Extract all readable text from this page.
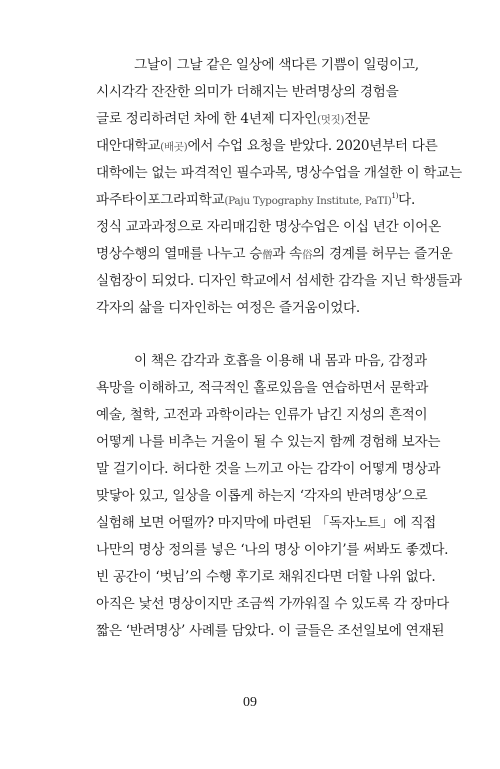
그날이 그날 같은 일상에 색다른 기쁨이 일렁이고,
시시각각 잔잔한 의미가 더해지는 반려명상의 경험을
글로 정리하려던 차에 한 4년제 디자인(멋짓)전문
대안대학교(배곳)에서 수업 요청을 받았다. 2020년부터 다른
대학에는 없는 파격적인 필수과목, 명상수업을 개설한 이 학교는
파주타이포그라피학교(Paju Typography Institute, PaTI)$^{1)}$다.
정식 교과과정으로 자리매김한 명상수업은 이십 년간 이어온
명상수행의 열매를 나누고 승僧과 속俗의 경계를 허무는 즐거운
실험장이 되었다. 디자인 학교에서 섬세한 감각을 지닌 학생들과
각자의 삶을 디자인하는 여정은 즐거움이었다.
이 책은 감각과 호흡을 이용해 내 몸과 마음, 감정과
욕망을 이해하고, 적극적인 홀로있음을 연습하면서 문학과
예술, 철학, 고전과 과학이라는 인류가 남긴 지성의 흔적이
어떻게 나를 비추는 거울이 될 수 있는지 함께 경험해 보자는
말 걸기이다. 허다한 것을 느끼고 아는 감각이 어떻게 명상과
맞닿아 있고, 일상을 이롭게 하는지 ‘각자의 반려명상’으로
실험해 보면 어떨까? 마지막에 마련된 「독자노트」에 직접
나만의 명상 정의를 넣은 ‘나의 명상 이야기’를 써봐도 좋겠다.
빈 공간이 ‘벗님’의 수행 후기로 채워진다면 더할 나위 없다.
아직은 낯선 명상이지만 조금씩 가까워질 수 있도록 각 장마다
짧은 ‘반려명상’ 사례를 담았다. 이 글들은 조선일보에 연재된
09
